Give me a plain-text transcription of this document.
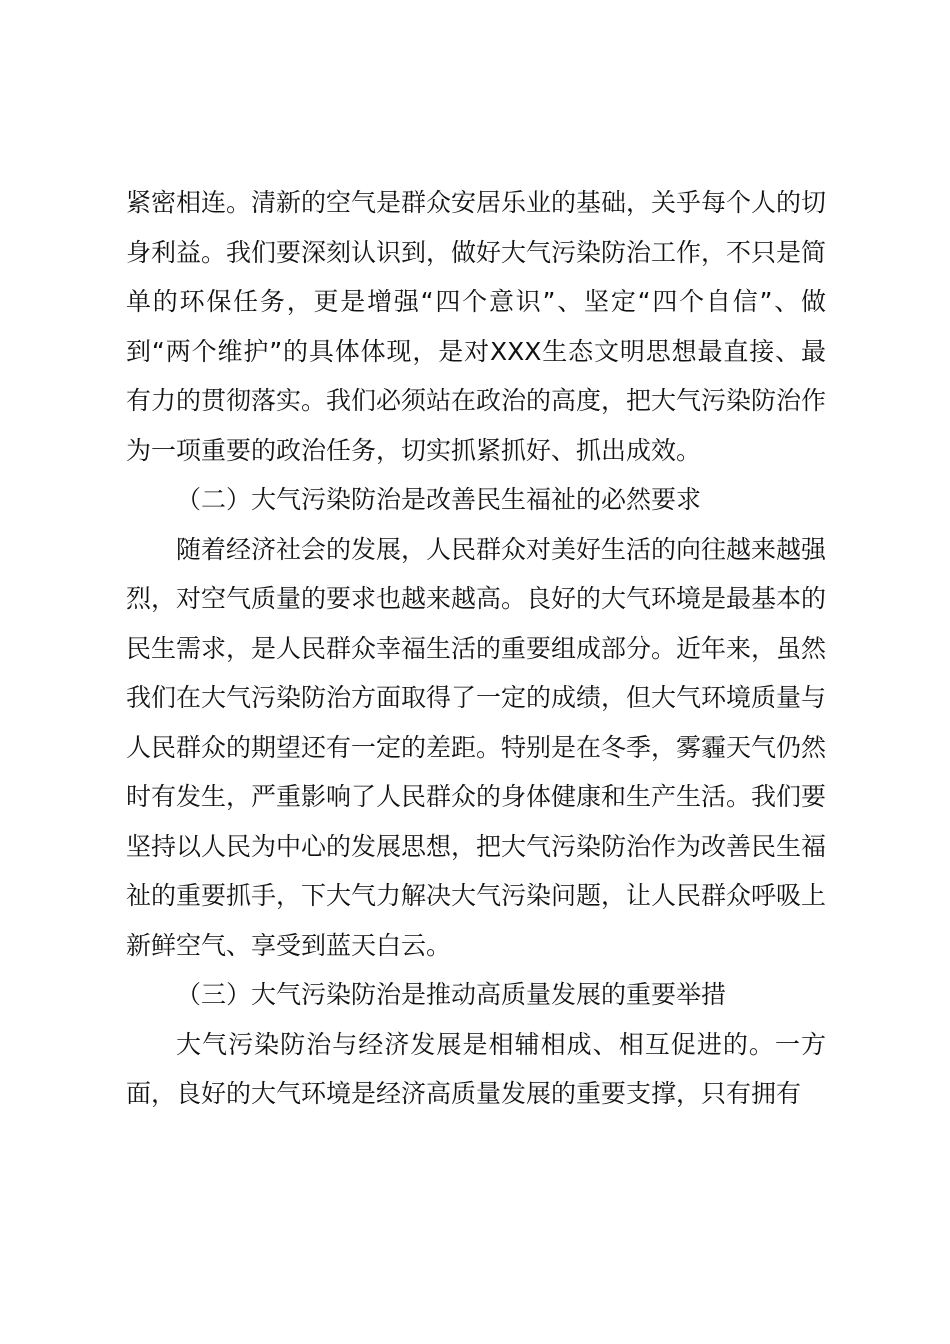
紧密相连。清新的空气是群众安居乐业的基础，关乎每个人的切身利益。我们要深刻认识到，做好大气污染防治工作，不只是简单的环保任务，更是增强“四个意识”、坚定“四个自信”、做到“两个维护”的具体体现，是对XXX生态文明思想最直接、最有力的贯彻落实。我们必须站在政治的高度，把大气污染防治作为一项重要的政治任务，切实抓紧抓好、抓出成效。

（二）大气污染防治是改善民生福祉的必然要求

随着经济社会的发展，人民群众对美好生活的向往越来越强烈，对空气质量的要求也越来越高。良好的大气环境是最基本的民生需求，是人民群众幸福生活的重要组成部分。近年来，虽然我们在大气污染防治方面取得了一定的成绩，但大气环境质量与人民群众的期望还有一定的差距。特别是在冬季，雾霾天气仍然时有发生，严重影响了人民群众的身体健康和生产生活。我们要坚持以人民为中心的发展思想，把大气污染防治作为改善民生福祉的重要抓手，下大气力解决大气污染问题，让人民群众呼吸上新鲜空气、享受到蓝天白云。

（三）大气污染防治是推动高质量发展的重要举措

大气污染防治与经济发展是相辅相成、相互促进的。一方面，良好的大气环境是经济高质量发展的重要支撑，只有拥有
